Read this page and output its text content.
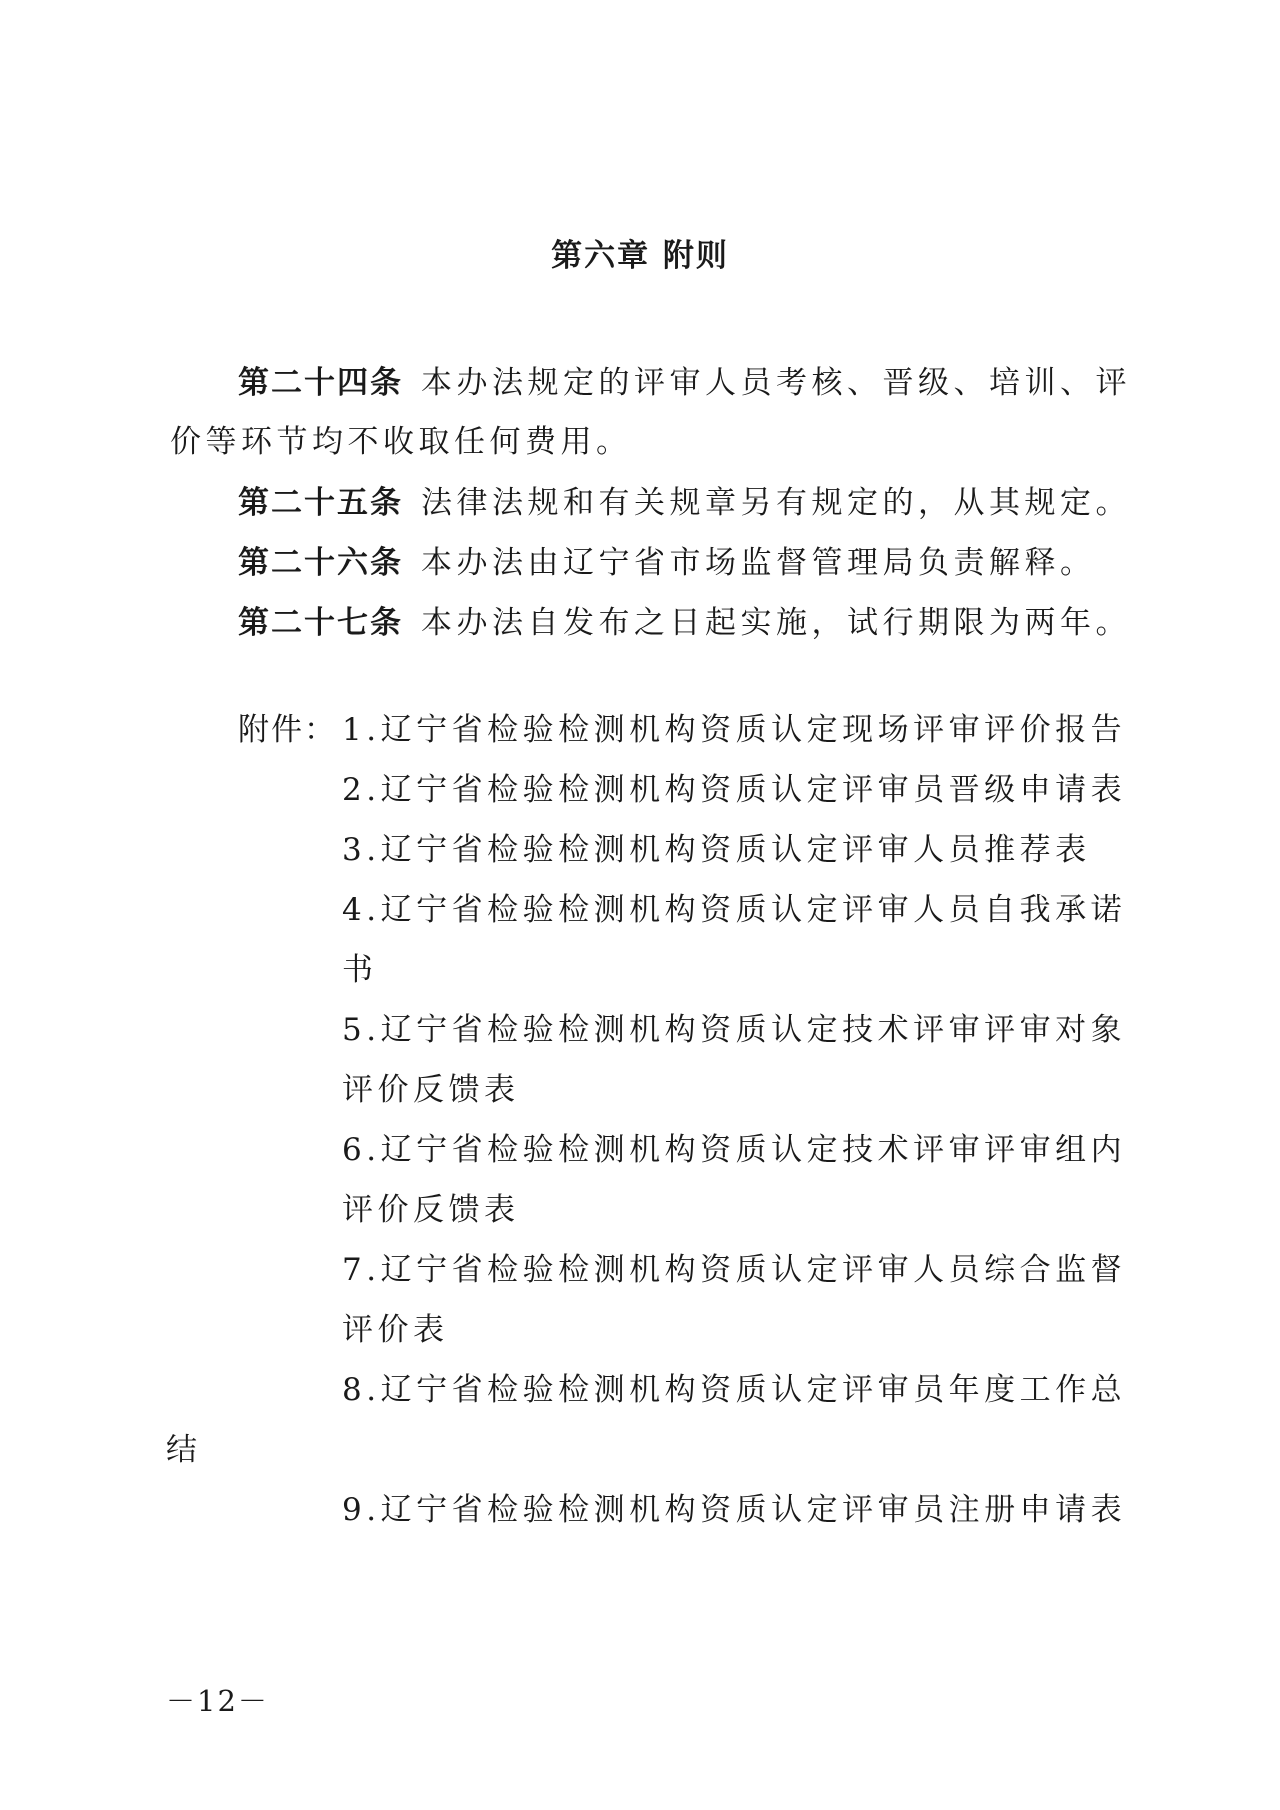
第六章 附则
第二十四条 本办法规定的评审人员考核、晋级、培训、评
价等环节均不收取任何费用。
第二十五条 法律法规和有关规章另有规定的，从其规定。
第二十六条 本办法由辽宁省市场监督管理局负责解释。
第二十七条 本办法自发布之日起实施，试行期限为两年。
附件： 1.辽宁省检验检测机构资质认定现场评审评价报告
2.辽宁省检验检测机构资质认定评审员晋级申请表
3.辽宁省检验检测机构资质认定评审人员推荐表
4.辽宁省检验检测机构资质认定评审人员自我承诺
书
5.辽宁省检验检测机构资质认定技术评审评审对象
评价反馈表
6.辽宁省检验检测机构资质认定技术评审评审组内
评价反馈表
7.辽宁省检验检测机构资质认定评审人员综合监督
评价表
8.辽宁省检验检测机构资质认定评审员年度工作总
结
9.辽宁省检验检测机构资质认定评审员注册申请表
－12－
